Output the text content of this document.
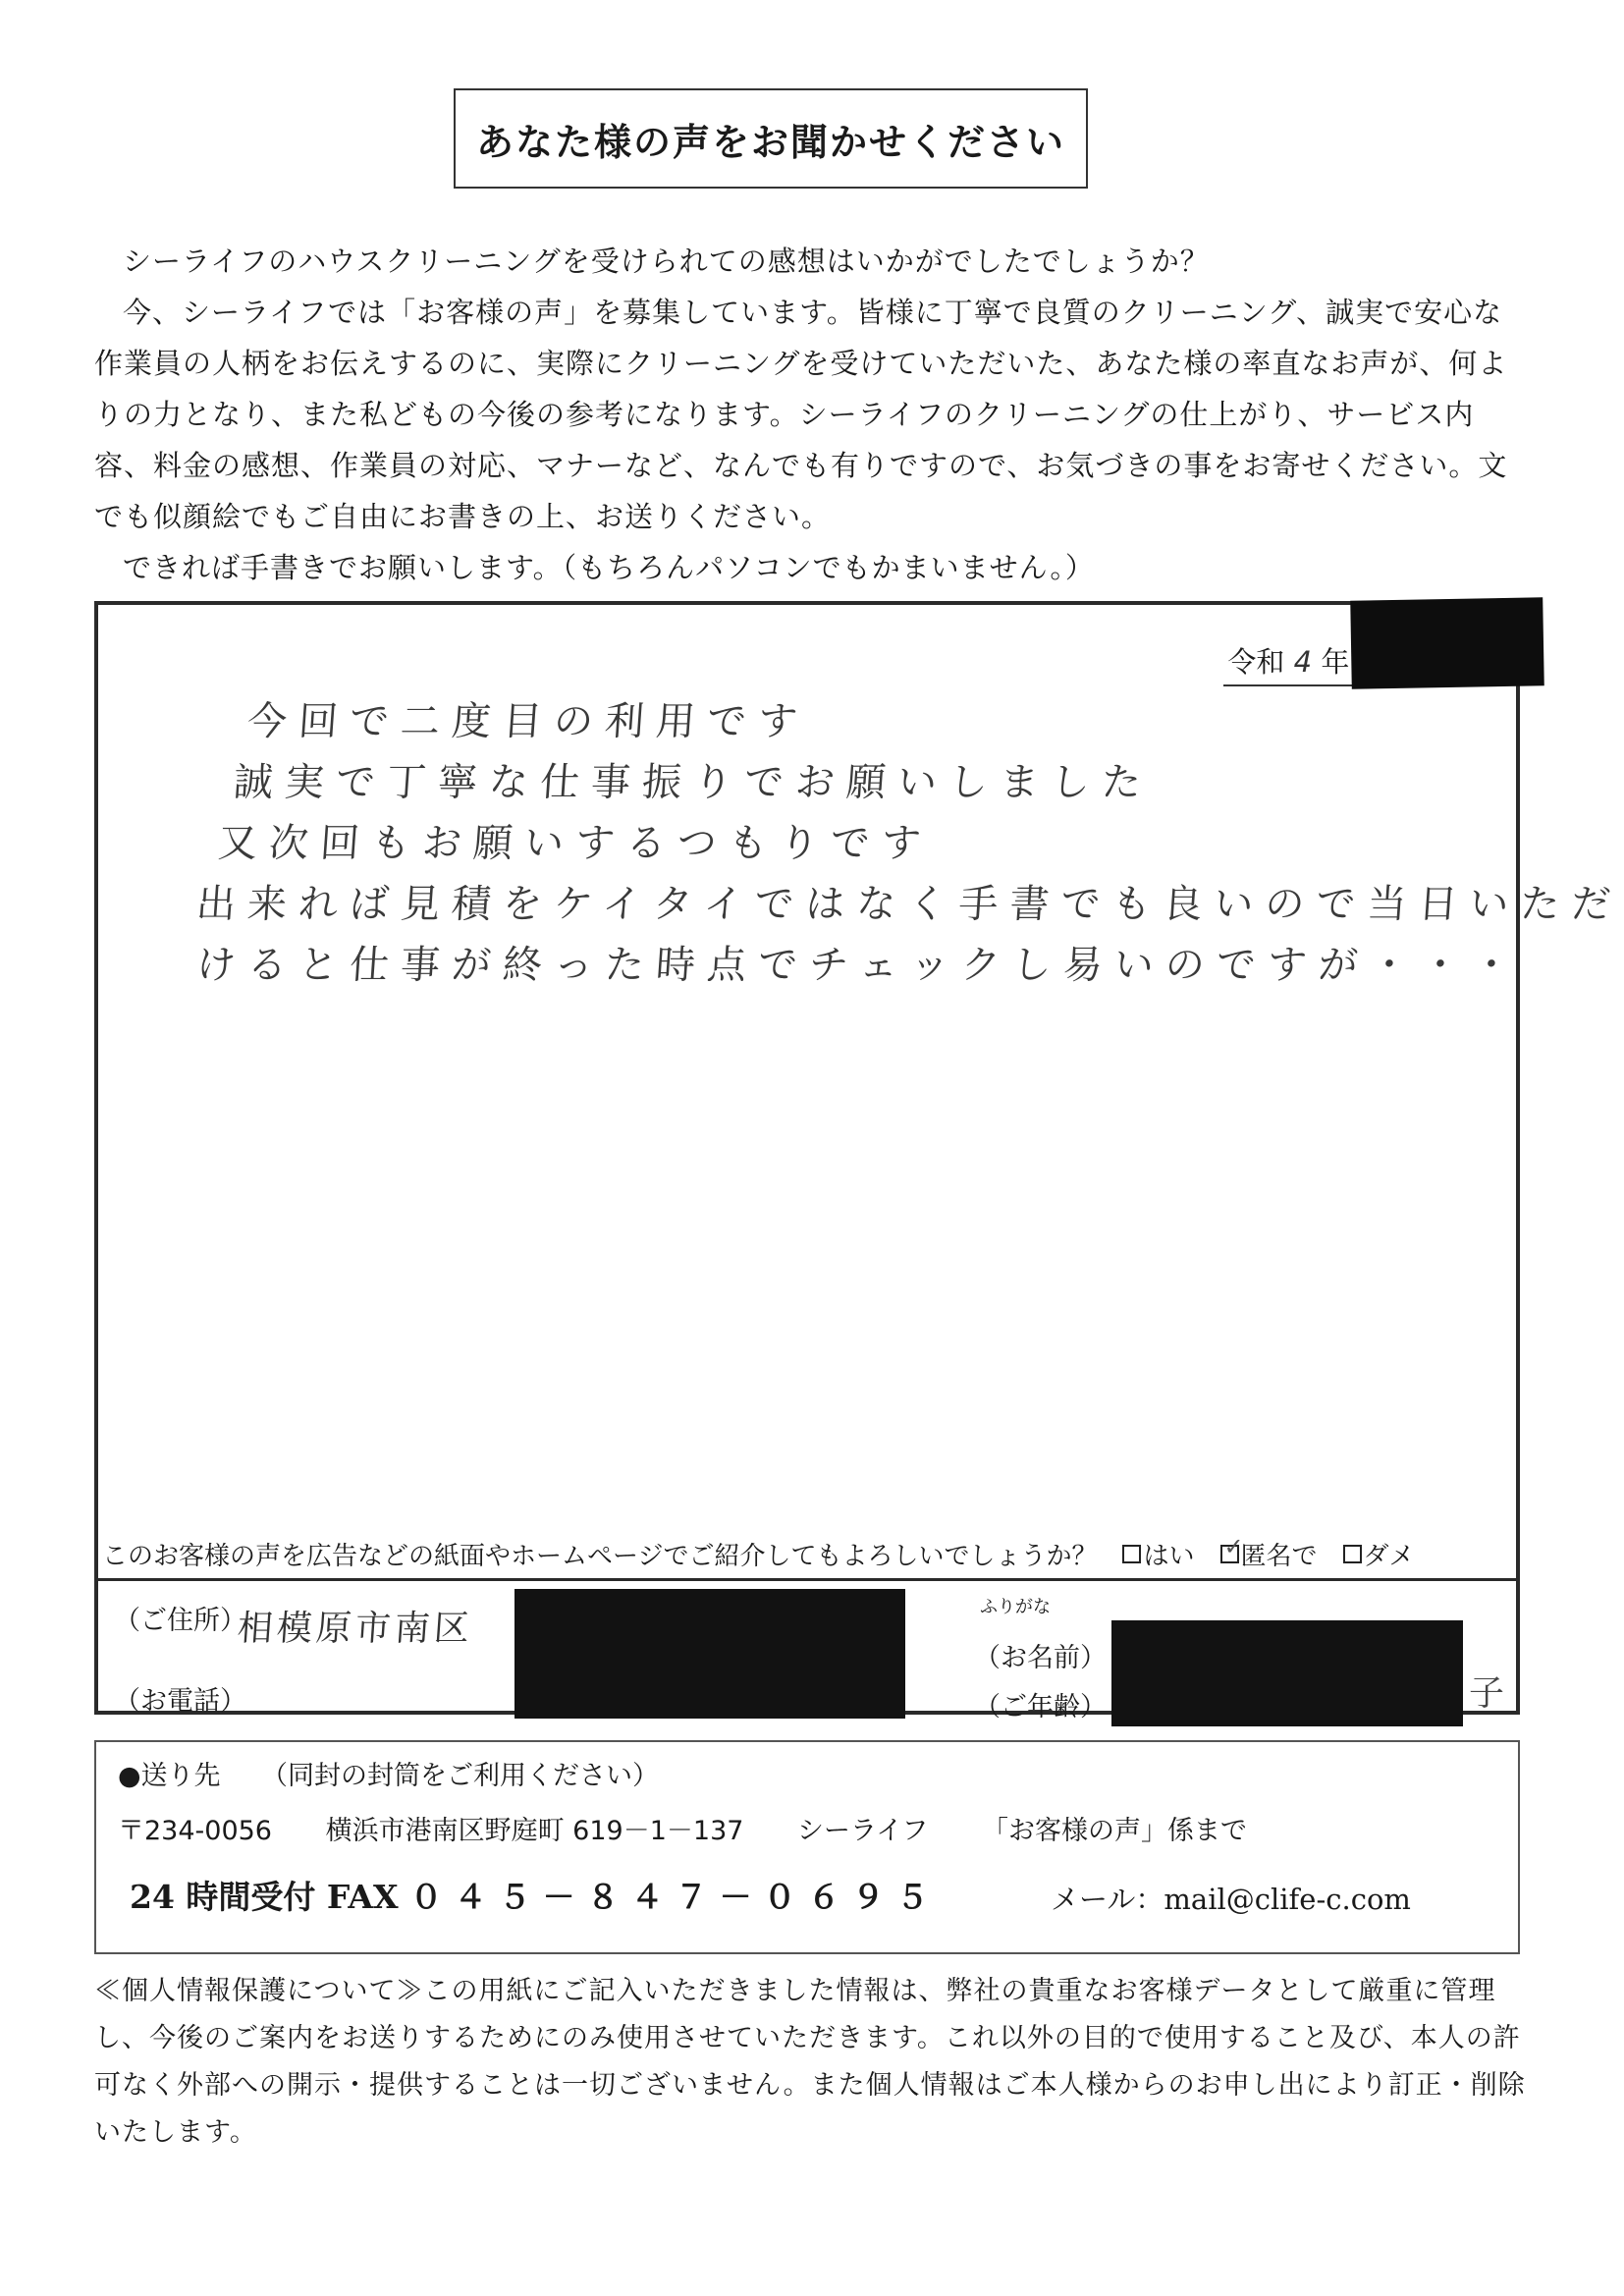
あなた様の声をお聞かせください

シーライフのハウスクリーニングを受けられての感想はいかがでしたでしょうか？

今、シーライフでは「お客様の声」を募集しています。皆様に丁寧で良質のクリーニング、誠実で安心な作業員の人柄をお伝えするのに、実際にクリーニングを受けていただいた、あなた様の率直なお声が、何よりの力となり、また私どもの今後の参考になります。シーライフのクリーニングの仕上がり、サービス内容、料金の感想、作業員の対応、マナーなど、なんでも有りですので、お気づきの事をお寄せください。文でも似顔絵でもご自由にお書きの上、お送りください。

できれば手書きでお願いします。（もちろんパソコンでもかまいません。）

令和 4 年
今回で二度目の利用です
誠実で丁寧な仕事振りでお願いしました
又次回もお願いするつもりです
出来れば見積をケイタイではなく手書でも良いので当日いただ
けると仕事が終った時点でチェックし易いのですが・・・
このお客様の声を広告などの紙面やホームページでご紹介してもよろしいでしょうか？ はい ✓
匿名で ダメ
（ご住所）
相模原市南区
（お電話）
ふりがな
（お名前）
（ご年齢）	子
●送り先 （同封の封筒をご利用ください）
〒234-0056 横浜市港南区野庭町 619－1－137 シーライフ 「お客様の声」係まで
24 時間受付 FAX ０４５－８４７－０６９５	メール：mail@clife-c.com

≪個人情報保護について≫この用紙にご記入いただきました情報は、弊社の貴重なお客様データとして厳重に管理し、今後のご案内をお送りするためにのみ使用させていただきます。これ以外の目的で使用すること及び、本人の許可なく外部への開示・提供することは一切ございません。また個人情報はご本人様からのお申し出により訂正・削除いたします。
